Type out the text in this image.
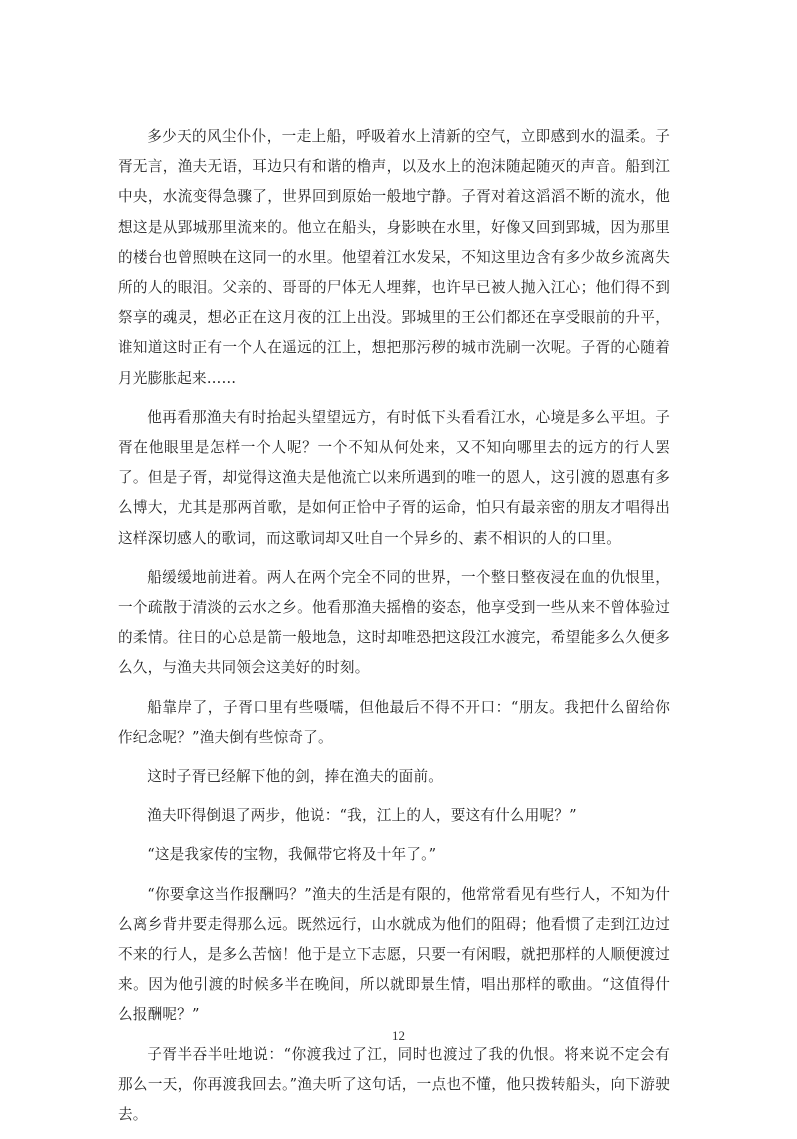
多少天的风尘仆仆，一走上船，呼吸着水上清新的空气，立即感到水的温柔。子胥无言，渔夫无语，耳边只有和谐的橹声，以及水上的泡沫随起随灭的声音。船到江中央，水流变得急骤了，世界回到原始一般地宁静。子胥对着这滔滔不断的流水，他想这是从郢城那里流来的。他立在船头，身影映在水里，好像又回到郢城，因为那里的楼台也曾照映在这同一的水里。他望着江水发呆，不知这里边含有多少故乡流离失所的人的眼泪。父亲的、哥哥的尸体无人埋葬，也许早已被人抛入江心；他们得不到祭享的魂灵，想必正在这月夜的江上出没。郢城里的王公们都还在享受眼前的升平，谁知道这时正有一个人在遥远的江上，想把那污秽的城市洗刷一次呢。子胥的心随着月光膨胀起来……

他再看那渔夫有时抬起头望望远方，有时低下头看看江水，心境是多么平坦。子胥在他眼里是怎样一个人呢？一个不知从何处来，又不知向哪里去的远方的行人罢了。但是子胥，却觉得这渔夫是他流亡以来所遇到的唯一的恩人，这引渡的恩惠有多么博大，尤其是那两首歌，是如何正恰中子胥的运命，怕只有最亲密的朋友才唱得出这样深切感人的歌词，而这歌词却又吐自一个异乡的、素不相识的人的口里。

船缓缓地前进着。两人在两个完全不同的世界，一个整日整夜浸在血的仇恨里，一个疏散于清淡的云水之乡。他看那渔夫摇橹的姿态，他享受到一些从来不曾体验过的柔情。往日的心总是箭一般地急，这时却唯恐把这段江水渡完，希望能多么久便多么久，与渔夫共同领会这美好的时刻。

船靠岸了，子胥口里有些嗫嚅，但他最后不得不开口：“朋友。我把什么留给你作纪念呢？”渔夫倒有些惊奇了。

这时子胥已经解下他的剑，捧在渔夫的面前。

渔夫吓得倒退了两步，他说：“我，江上的人，要这有什么用呢？”

“这是我家传的宝物，我佩带它将及十年了。”

“你要拿这当作报酬吗？”渔夫的生活是有限的，他常常看见有些行人，不知为什么离乡背井要走得那么远。既然远行，山水就成为他们的阻碍；他看惯了走到江边过不来的行人，是多么苦恼！他于是立下志愿，只要一有闲暇，就把那样的人顺便渡过来。因为他引渡的时候多半在晚间，所以就即景生情，唱出那样的歌曲。“这值得什么报酬呢？”

子胥半吞半吐地说：“你渡我过了江，同时也渡过了我的仇恨。将来说不定会有那么一天，你再渡我回去。”渔夫听了这句话，一点也不懂，他只拨转船头，向下游驶去。

12
